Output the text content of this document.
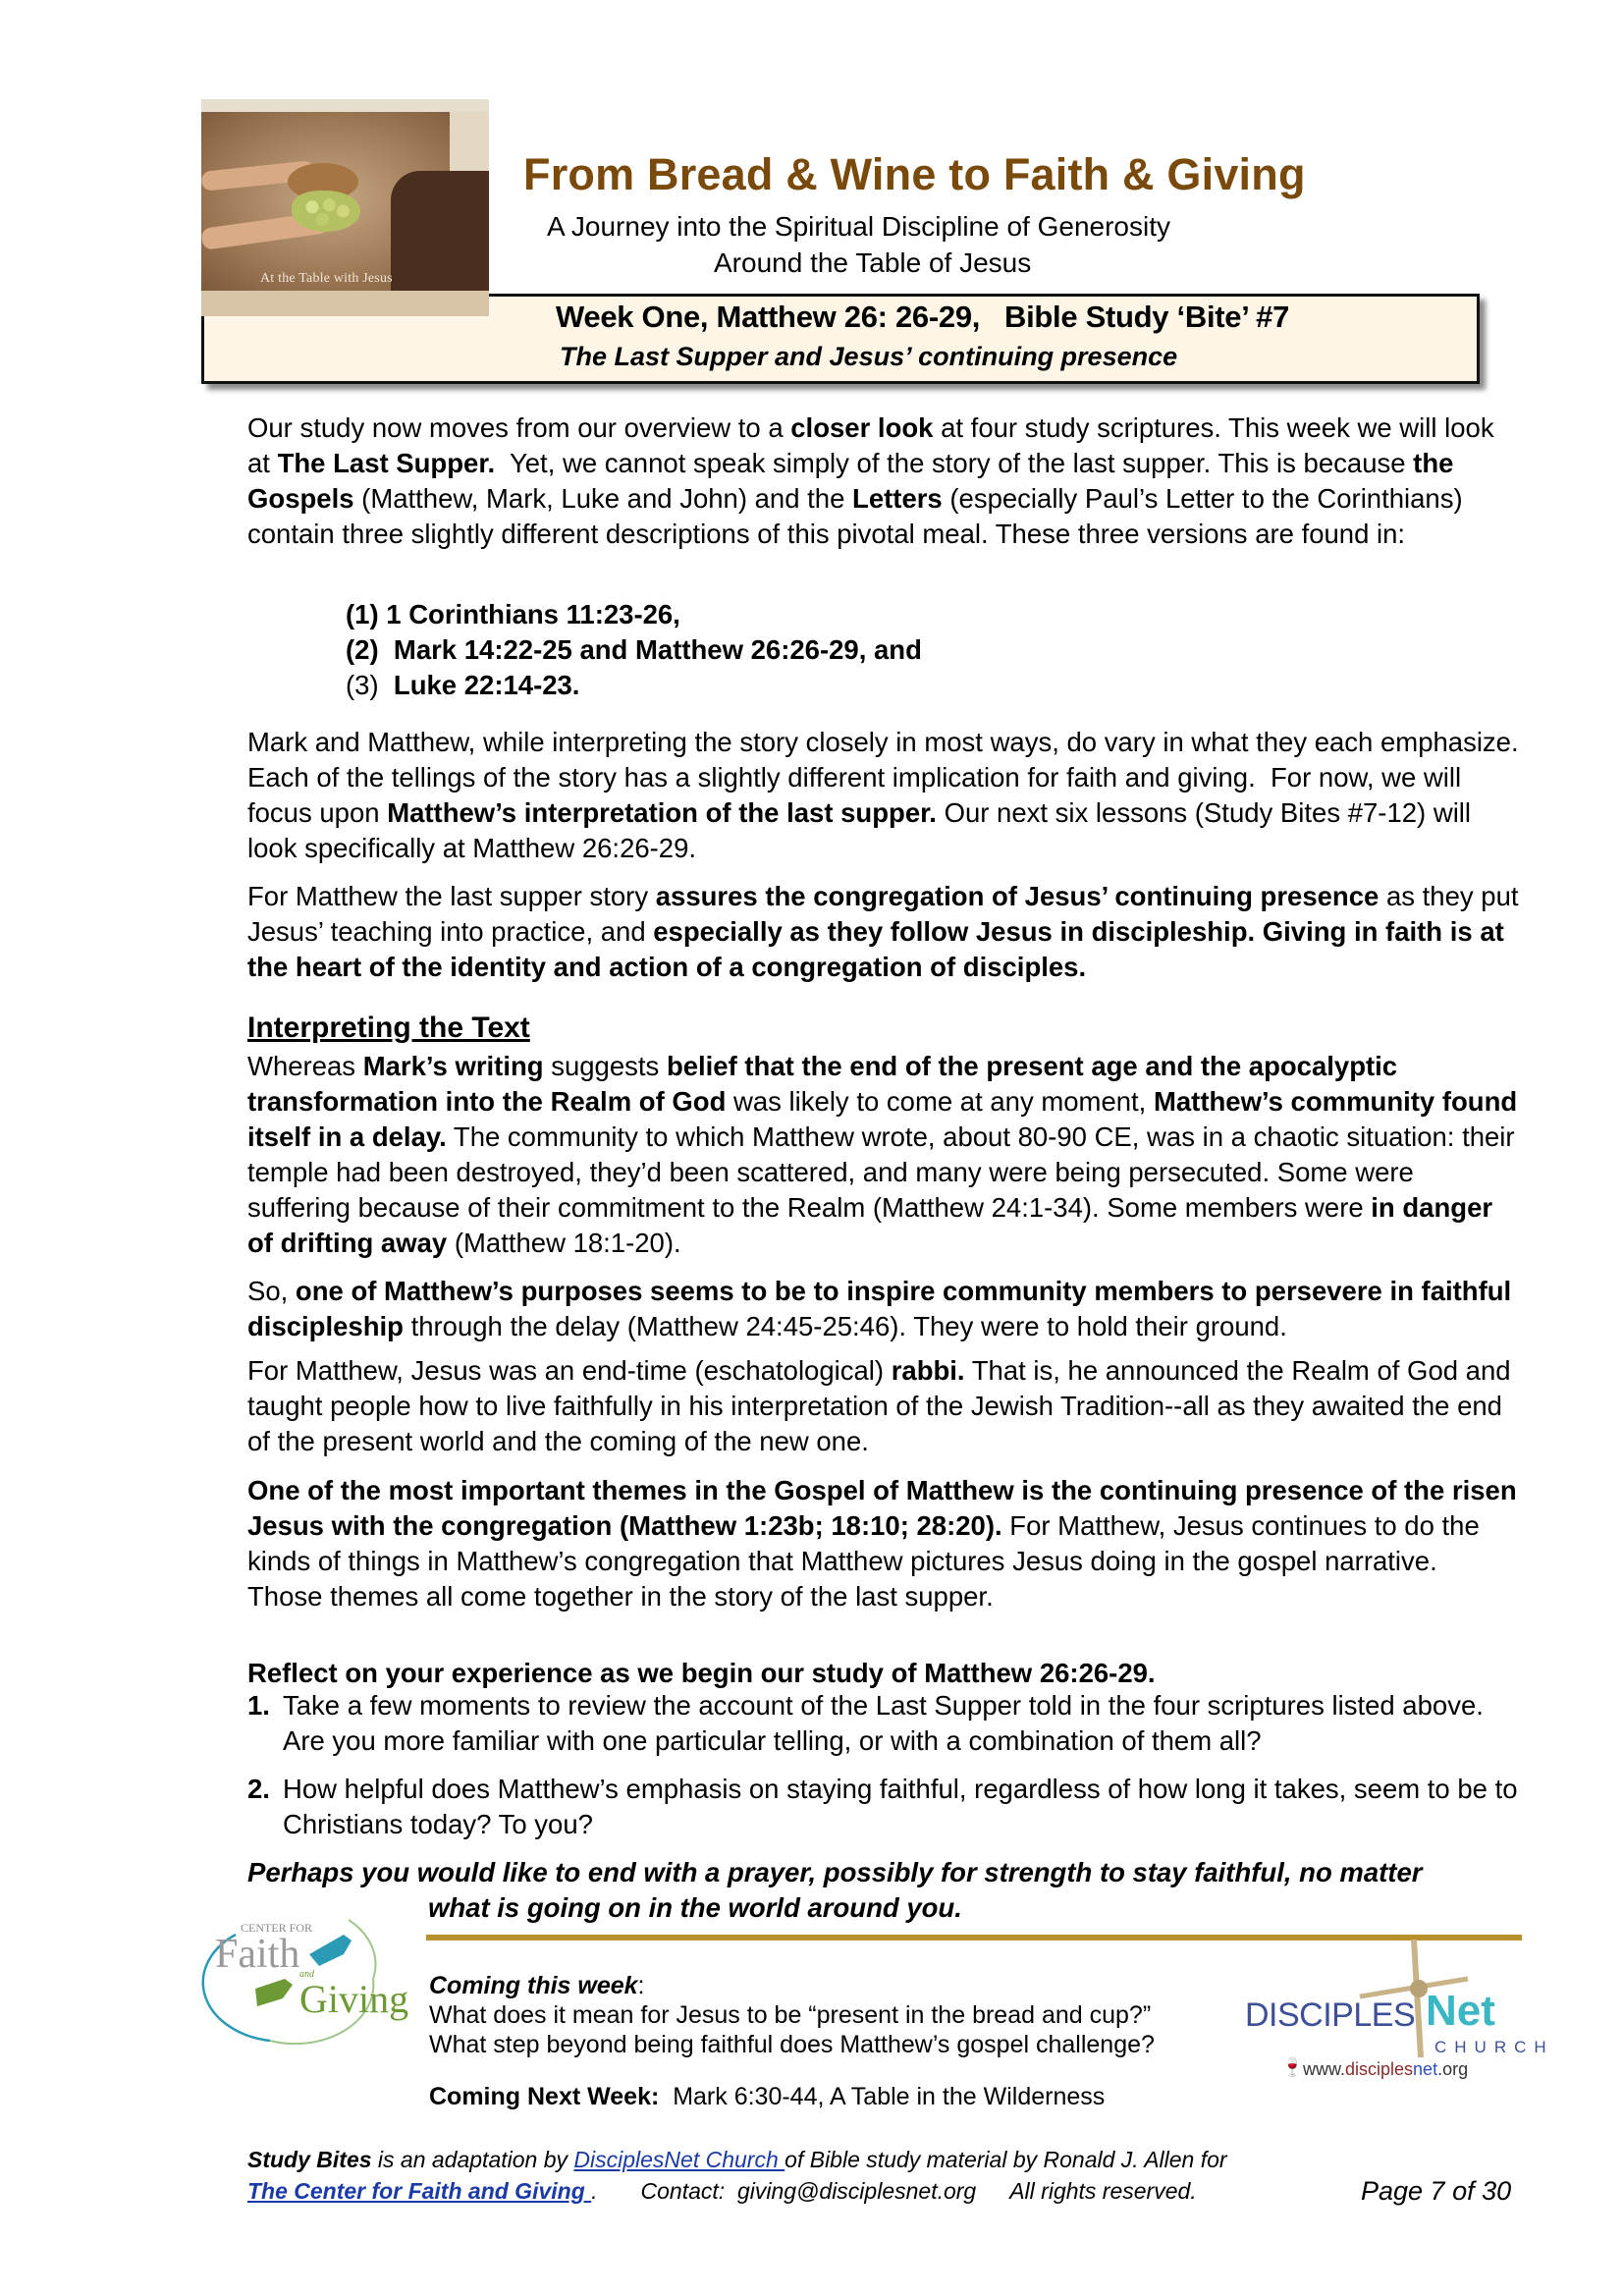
At the Table with Jesus
From Bread & Wine to Faith & Giving
A Journey into the Spiritual Discipline of Generosity
Around the Table of Jesus
Week One, Matthew 26: 26-29,   Bible Study ‘Bite’ #7
The Last Supper and Jesus’ continuing presence
Our study now moves from our overview to a closer look at four study scriptures. This week we will look at The Last Supper.  Yet, we cannot speak simply of the story of the last supper. This is because the Gospels (Matthew, Mark, Luke and John) and the Letters (especially Paul’s Letter to the Corinthians) contain three slightly different descriptions of this pivotal meal. These three versions are found in:
(1) 1 Corinthians 11:23-26,
(2)  Mark 14:22-25 and Matthew 26:26-29, and
(3)  Luke 22:14-23.
Mark and Matthew, while interpreting the story closely in most ways, do vary in what they each emphasize.  Each of the tellings of the story has a slightly different implication for faith and giving.  For now, we will focus upon Matthew’s interpretation of the last supper. Our next six lessons (Study Bites #7-12) will look specifically at Matthew 26:26-29.
For Matthew the last supper story assures the congregation of Jesus’ continuing presence as they put Jesus’ teaching into practice, and especially as they follow Jesus in discipleship. Giving in faith is at the heart of the identity and action of a congregation of disciples.
Interpreting the Text
Whereas Mark’s writing suggests belief that the end of the present age and the apocalyptic transformation into the Realm of God was likely to come at any moment, Matthew’s community found itself in a delay. The community to which Matthew wrote, about 80-90 CE, was in a chaotic situation: their temple had been destroyed, they’d been scattered, and many were being persecuted. Some were suffering because of their commitment to the Realm (Matthew 24:1-34). Some members were in danger of drifting away (Matthew 18:1-20).
So, one of Matthew’s purposes seems to be to inspire community members to persevere in faithful discipleship through the delay (Matthew 24:45-25:46). They were to hold their ground.
For Matthew, Jesus was an end-time (eschatological) rabbi. That is, he announced the Realm of God and taught people how to live faithfully in his interpretation of the Jewish Tradition--all as they awaited the end of the present world and the coming of the new one.
One of the most important themes in the Gospel of Matthew is the continuing presence of the risen Jesus with the congregation (Matthew 1:23b; 18:10; 28:20). For Matthew, Jesus continues to do the kinds of things in Matthew’s congregation that Matthew pictures Jesus doing in the gospel narrative.  Those themes all come together in the story of the last supper.
Reflect on your experience as we begin our study of Matthew 26:26-29.
1. Take a few moments to review the account of the Last Supper told in the four scriptures listed above. Are you more familiar with one particular telling, or with a combination of them all?
2. How helpful does Matthew’s emphasis on staying faithful, regardless of how long it takes, seem to be to Christians today? To you?
Perhaps you would like to end with a prayer, possibly for strength to stay faithful, no matter
what is going on in the world around you.
CENTER FOR
Faith and
Giving Coming this week:
What does it mean for Jesus to be “present in the bread and cup?”
What step beyond being faithful does Matthew’s gospel challenge?
Coming Next Week:  Mark 6:30-44, A Table in the Wilderness
DISCIPLES Net
CHURCH
🍷 www.disciplesnet.org
Study Bites is an adaptation by DisciplesNet Church of Bible study material by Ronald J. Allen for
The Center for Faith and Giving . Contact:  giving@disciplesnet.org All rights reserved.	Page 7 of 30
